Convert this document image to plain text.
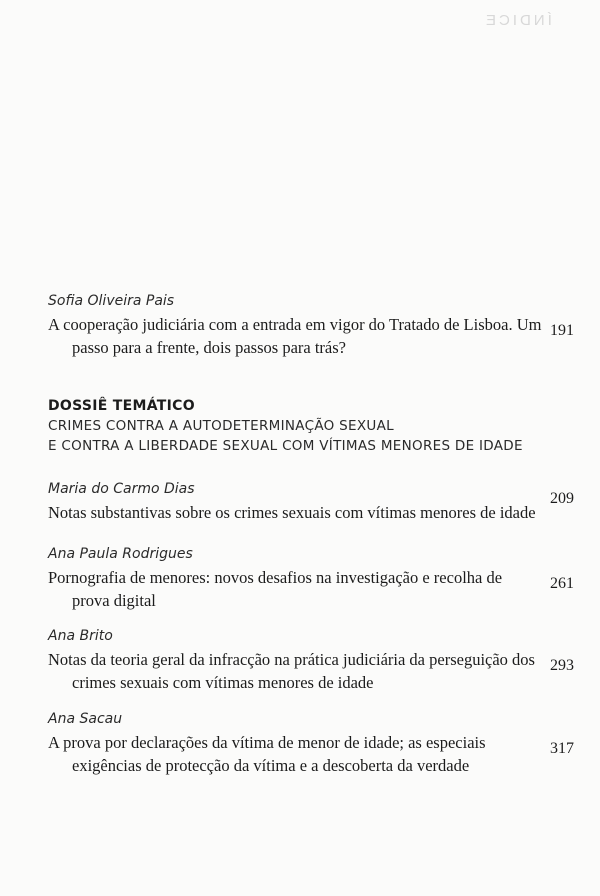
ÍNDICE
Sofia Oliveira Pais
A cooperação judiciária com a entrada em vigor do Tratado de Lisboa. Um passo para a frente, dois passos para trás?
191
DOSSIÊ TEMÁTICO
CRIMES CONTRA A AUTODETERMINAÇÃO SEXUAL
E CONTRA A LIBERDADE SEXUAL COM VÍTIMAS MENORES DE IDADE
Maria do Carmo Dias
Notas substantivas sobre os crimes sexuais com vítimas menores de idade
209
Ana Paula Rodrigues
Pornografia de menores: novos desafios na investigação e recolha de prova digital
261
Ana Brito
Notas da teoria geral da infracção na prática judiciária da perseguição dos crimes sexuais com vítimas menores de idade
293
Ana Sacau
A prova por declarações da vítima de menor de idade; as especiais exigências de protecção da vítima e a descoberta da verdade
317
